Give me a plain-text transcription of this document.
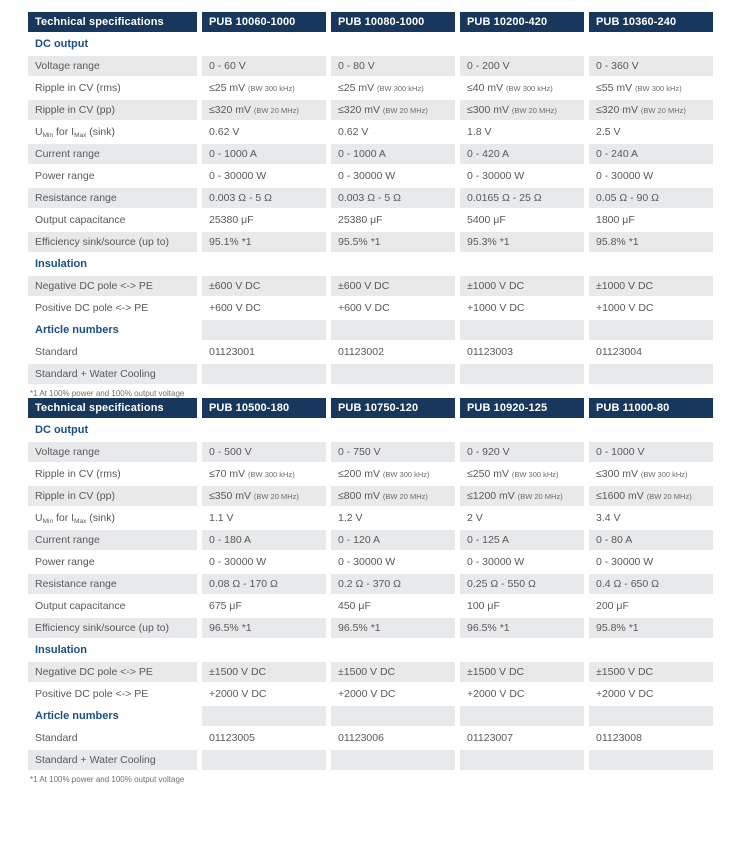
Technical specifications	PUB 10060-1000	PUB 10080-1000	PUB 10200-420	PUB 10360-240
DC output
Voltage range	0 - 60 V	0 - 80 V	0 - 200 V	0 - 360 V
Ripple in CV (rms)	≤25 mV (BW 300 kHz)	≤25 mV (BW 300 kHz)	≤40 mV (BW 300 kHz)	≤55 mV (BW 300 kHz)
Ripple in CV (pp)	≤320 mV (BW 20 MHz)	≤320 mV (BW 20 MHz)	≤300 mV (BW 20 MHz)	≤320 mV (BW 20 MHz)
$U_{Min}$ for $I_{Max}$ (sink)	0.62 V	0.62 V	1.8 V	2.5 V
Current range	0 - 1000 A	0 - 1000 A	0 - 420 A	0 - 240 A
Power range	0 - 30000 W	0 - 30000 W	0 - 30000 W	0 - 30000 W
Resistance range	0.003 Ω - 5 Ω	0.003 Ω - 5 Ω	0.0165 Ω - 25 Ω	0.05 Ω - 90 Ω
Output capacitance	25380 μF	25380 μF	5400 μF	1800 μF
Efficiency sink/source (up to)	95.1% *1	95.5% *1	95.3% *1	95.8% *1
Insulation
Negative DC pole <-> PE	±600 V DC	±600 V DC	±1000 V DC	±1000 V DC
Positive DC pole <-> PE	+600 V DC	+600 V DC	+1000 V DC	+1000 V DC
Article numbers
Standard	01123001	01123002	01123003	01123004
Standard + Water Cooling
*1 At 100% power and 100% output voltage
Technical specifications	PUB 10500-180	PUB 10750-120	PUB 10920-125	PUB 11000-80
DC output
Voltage range	0 - 500 V	0 - 750 V	0 - 920 V	0 - 1000 V
Ripple in CV (rms)	≤70 mV (BW 300 kHz)	≤200 mV (BW 300 kHz)	≤250 mV (BW 300 kHz)	≤300 mV (BW 300 kHz)
Ripple in CV (pp)	≤350 mV (BW 20 MHz)	≤800 mV (BW 20 MHz)	≤1200 mV (BW 20 MHz)	≤1600 mV (BW 20 MHz)
$U_{Min}$ for $I_{Max}$ (sink)	1.1 V	1.2 V	2 V	3.4 V
Current range	0 - 180 A	0 - 120 A	0 - 125 A	0 - 80 A
Power range	0 - 30000 W	0 - 30000 W	0 - 30000 W	0 - 30000 W
Resistance range	0.08 Ω - 170 Ω	0.2 Ω - 370 Ω	0.25 Ω - 550 Ω	0.4 Ω - 650 Ω
Output capacitance	675 μF	450 μF	100 μF	200 μF
Efficiency sink/source (up to)	96.5% *1	96.5% *1	96.5% *1	95.8% *1
Insulation
Negative DC pole <-> PE	±1500 V DC	±1500 V DC	±1500 V DC	±1500 V DC
Positive DC pole <-> PE	+2000 V DC	+2000 V DC	+2000 V DC	+2000 V DC
Article numbers
Standard	01123005	01123006	01123007	01123008
Standard + Water Cooling
*1 At 100% power and 100% output voltage
